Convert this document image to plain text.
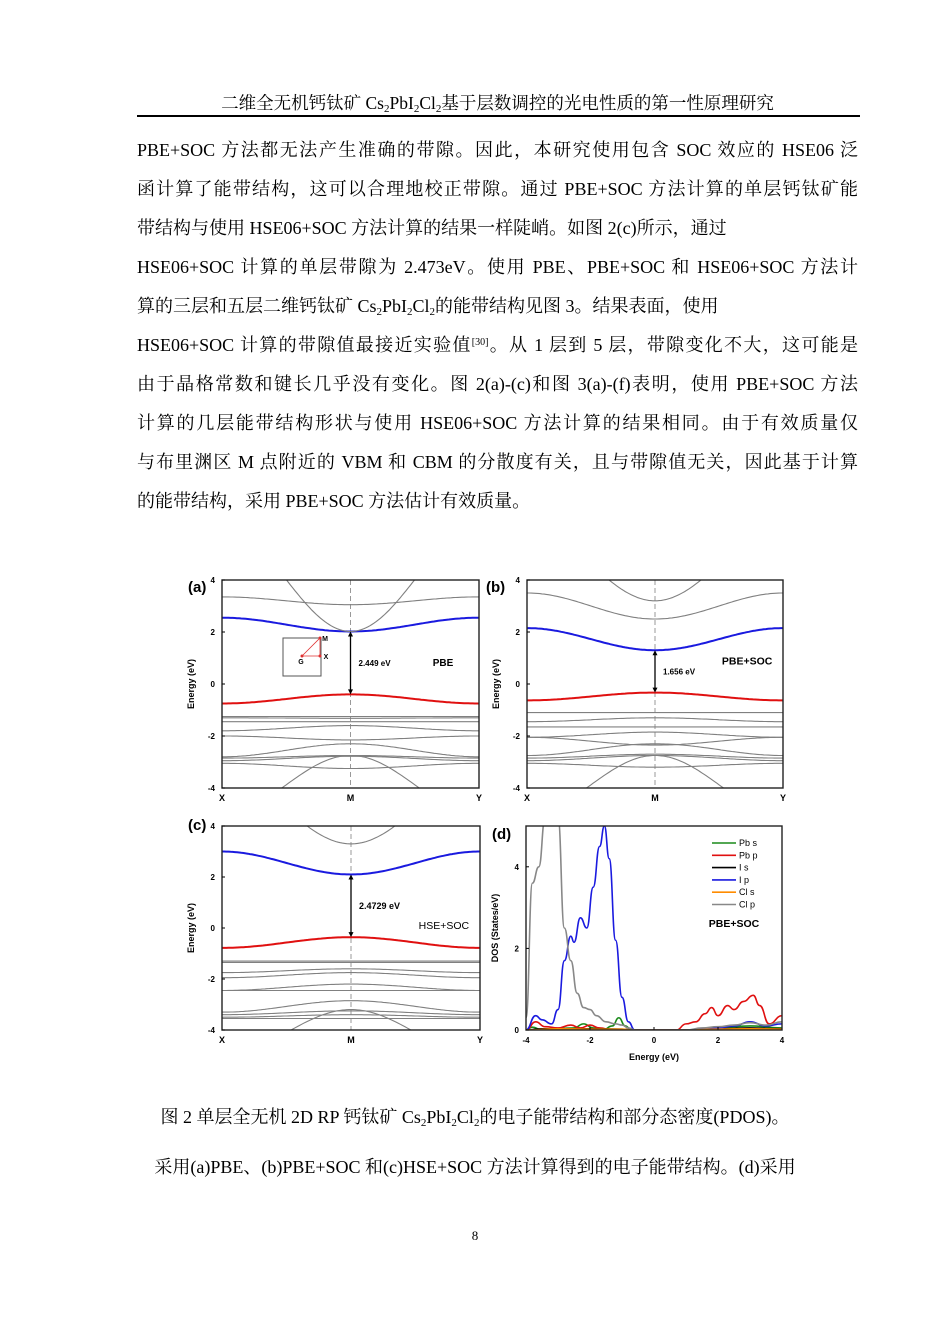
二维全无机钙钛矿 $Cs_2PbI_2Cl_2$基于层数调控的光电性质的第一性原理研究
PBE+SOC 方法都无法产生准确的带隙。因此，本研究使用包含 SOC 效应的 HSE06 泛
函计算了能带结构，这可以合理地校正带隙。通过 PBE+SOC 方法计算的单层钙钛矿能
带结构与使用 HSE06+SOC 方法计算的结果一样陡峭。如图 2(c)所示，通过
HSE06+SOC 计算的单层带隙为 2.473eV。使用 PBE、PBE+SOC 和 HSE06+SOC 方法计
算的三层和五层二维钙钛矿 $Cs_2PbI_2Cl_2$的能带结构见图 3。结果表面，使用
HSE06+SOC 计算的带隙值最接近实验值[30]。从 1 层到 5 层，带隙变化不大，这可能是
由于晶格常数和键长几乎没有变化。图 2(a)-(c)和图 3(a)-(f)表明，使用 PBE+SOC 方法
计算的几层能带结构形状与使用 HSE06+SOC 方法计算的结果相同。由于有效质量仅
与布里渊区 M 点附近的 VBM 和 CBM 的分散度有关，且与带隙值无关，因此基于计算
的能带结构，采用 PBE+SOC 方法估计有效质量。
(a)
2.449 eV	PBE
X	M	Y
M
X
G
-4
-2
0
2
4
Energy (eV)
(b)
1.656 eV
PBE+SOC
X	M	Y
-4
-2
0
2
4
Energy (eV)
(c)
2.4729 eV
HSE+SOC
X	M	Y
-4
-2
0
2
4
Energy (eV)
(d)
-4	-2	0	2	4
Energy (eV)
Pb s
Pb p
I s
I p
Cl s
Cl p
PBE+SOC
0
2
4
DOS (States/eV)
图 2 单层全无机 2D RP 钙钛矿 $Cs_2PbI_2Cl_2$的电子能带结构和部分态密度(PDOS)。
采用(a)PBE、(b)PBE+SOC 和(c)HSE+SOC 方法计算得到的电子能带结构。(d)采用
8
